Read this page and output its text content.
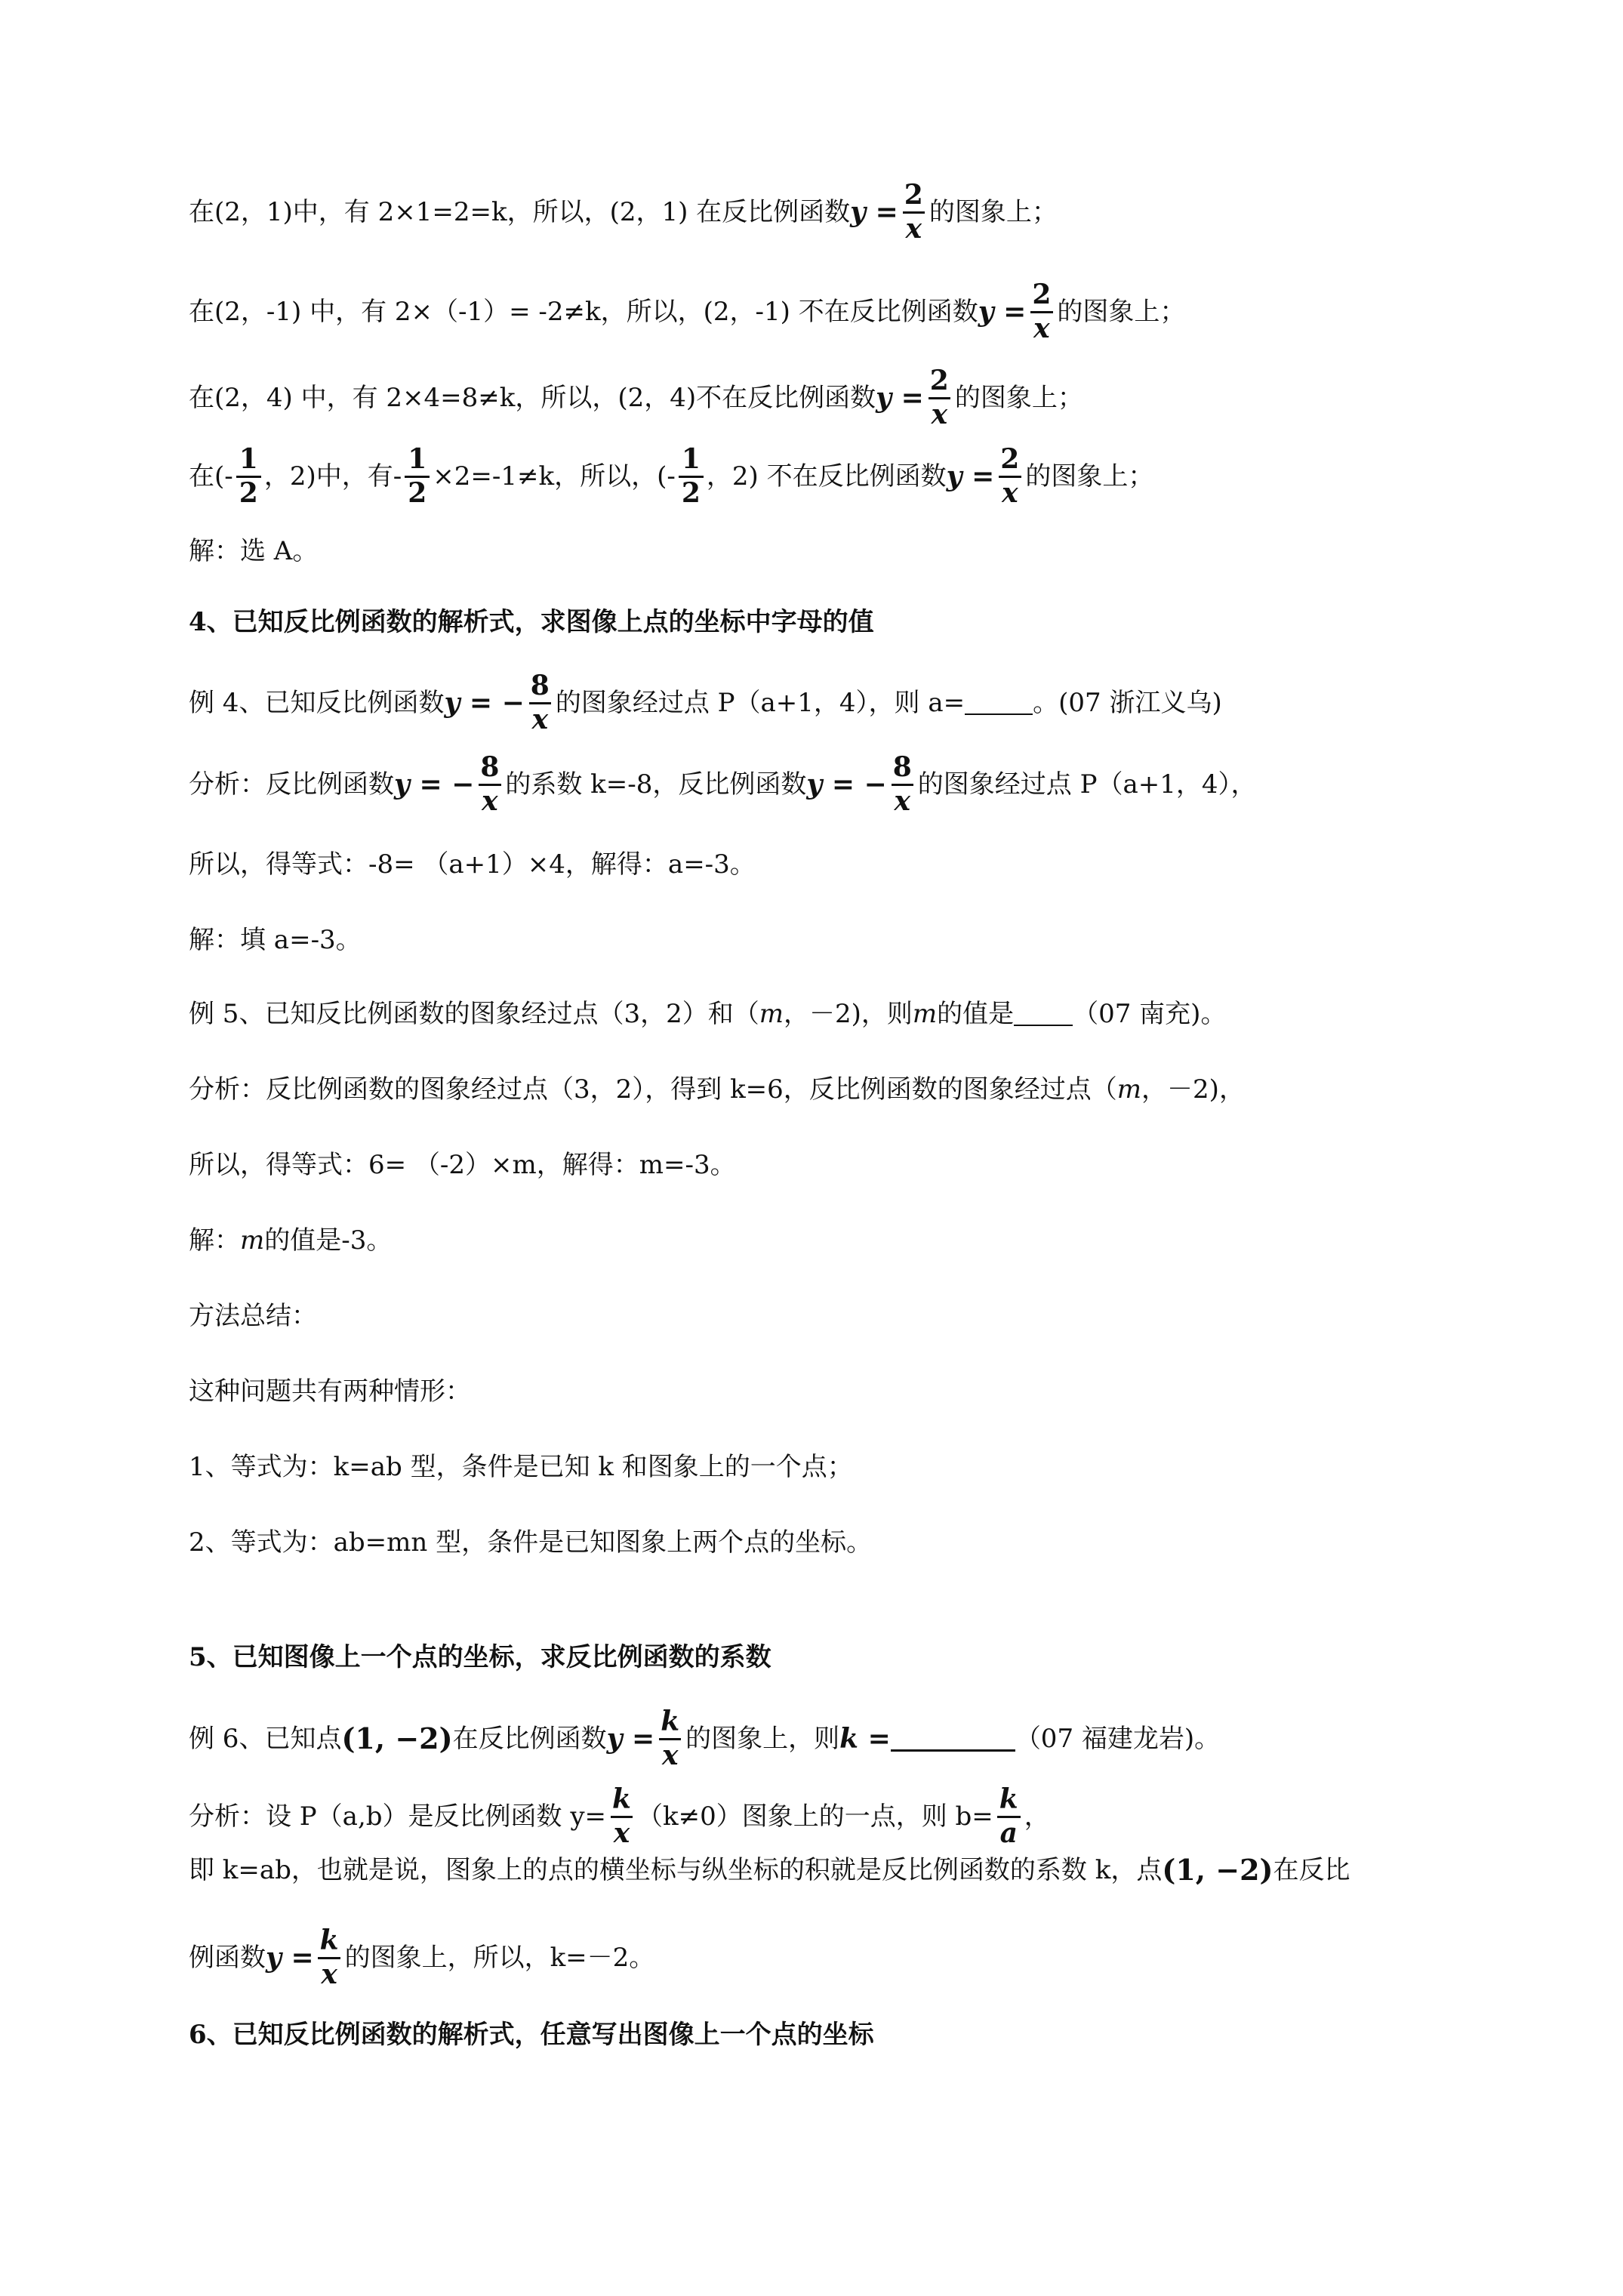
在(2，1)中，有 2×1=2=k，所以，(2，1) 在反比例函数 $y = \frac{2}{x}$ 的图象上；
在(2，-1) 中，有 2×（-1）= -2≠k，所以，(2，-1) 不在反比例函数 $y = \frac{2}{x}$ 的图象上；
在(2，4) 中，有 2×4=8≠k，所以，(2，4)不在反比例函数 $y = \frac{2}{x}$ 的图象上；
在(- $\frac{1}{2}$ ，2)中，有- $\frac{1}{2} \times 2=-1\ne k$，所以，(- $\frac{1}{2}$ ，2) 不在反比例函数 $y = \frac{2}{x}$ 的图象上；
解：选 A。
4、已知反比例函数的解析式，求图像上点的坐标中字母的值
例 4、已知反比例函数 y = − $\frac{8}{x}$ 的图象经过点 P（a+1，4），则 a=	。(07 浙江义乌)
分析：反比例函数 y = − $\frac{8}{x}$ 的系数 k=-8，反比例函数 y = − $\frac{8}{x}$ 的图象经过点 P（a+1，4），
所以，得等式：-8= （a+1）×4，解得：a=-3。
解：填 a=-3。
例 5、已知反比例函数的图象经过点（3，2）和（ m ，－2)，则 m 的值是 （07 南充)。
分析：反比例函数的图象经过点（3，2），得到 k=6，反比例函数的图象经过点（ m ，－2)，
所以，得等式：6= （-2）×m，解得：m=-3。
解： m 的值是-3。
方法总结：
这种问题共有两种情形：
1、等式为：k=ab 型，条件是已知 k 和图象上的一个点；
2、等式为：ab=mn 型，条件是已知图象上两个点的坐标。
5、已知图像上一个点的坐标，求反比例函数的系数
例 6、已知点 (1, −2) 在反比例函数 $y = \frac{k}{x}$ 的图象上，则 k =	（07 福建龙岩)。
分析：设 P（a,b）是反比例函数 $y= \frac{k}{x} (k\ne 0)$图象上的一点，则 $b= \frac{k}{a}$ ，
即 k=ab，也就是说，图象上的点的横坐标与纵坐标的积就是反比例函数的系数 k，点 (1, −2) 在反比
例函数 $y = \frac{k}{x}$ 的图象上，所以，k=－2。
6、已知反比例函数的解析式，任意写出图像上一个点的坐标
